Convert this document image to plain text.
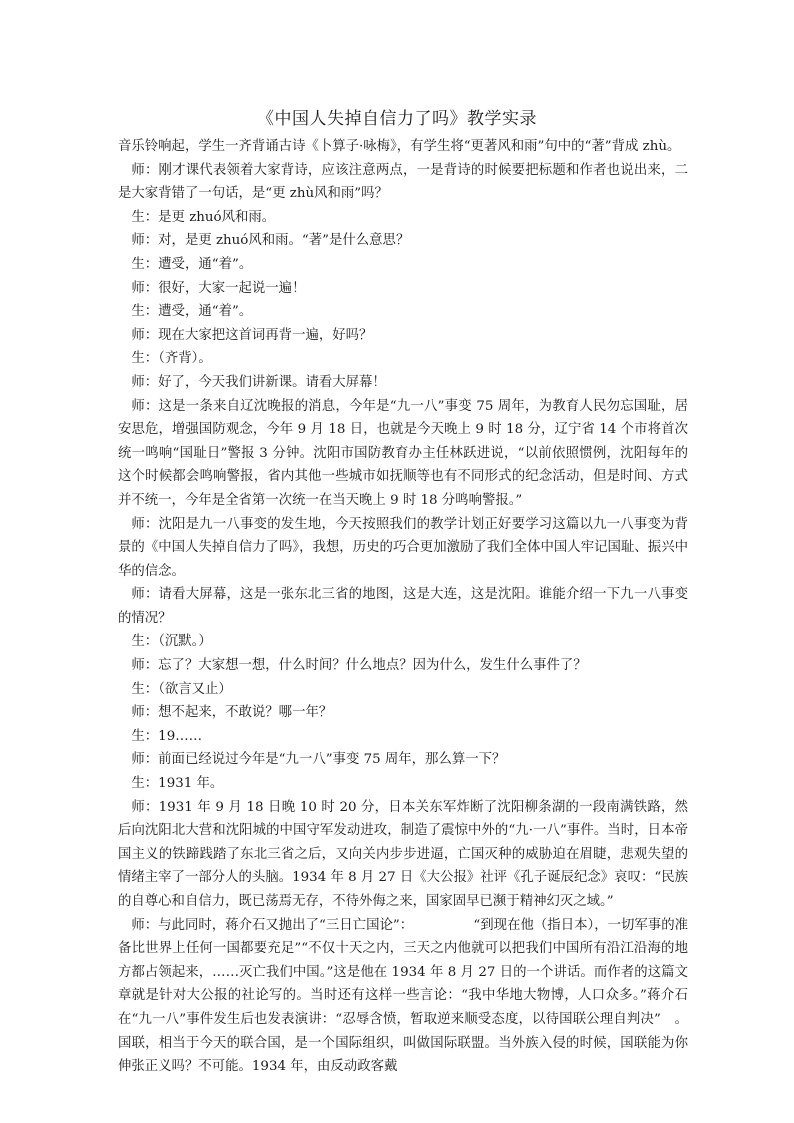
《中国人失掉自信力了吗》教学实录

音乐铃响起，学生一齐背诵古诗《卜算子·咏梅》，有学生将“更著风和雨”句中的“著”背成 zhù。

师：刚才课代表领着大家背诗，应该注意两点，一是背诗的时候要把标题和作者也说出来，二是大家背错了一句话，是“更 zhù风和雨”吗？

生：是更 zhuó风和雨。

师：对，是更 zhuó风和雨。“著”是什么意思？

生：遭受，通“着”。

师：很好，大家一起说一遍！

生：遭受，通“着”。

师：现在大家把这首词再背一遍，好吗？

生：（齐背）。

师：好了，今天我们讲新课。请看大屏幕！

师：这是一条来自辽沈晚报的消息，今年是“九一八”事变 75 周年，为教育人民勿忘国耻，居安思危，增强国防观念，今年 9 月 18 日，也就是今天晚上 9 时 18 分，辽宁省 14 个市将首次统一鸣响“国耻日”警报 3 分钟。沈阳市国防教育办主任林跃进说，“以前依照惯例，沈阳每年的这个时候都会鸣响警报，省内其他一些城市如抚顺等也有不同形式的纪念活动，但是时间、方式并不统一，今年是全省第一次统一在当天晚上 9 时 18 分鸣响警报。”

师：沈阳是九一八事变的发生地，今天按照我们的教学计划正好要学习这篇以九一八事变为背景的《中国人失掉自信力了吗》，我想，历史的巧合更加激励了我们全体中国人牢记国耻、振兴中华的信念。

师：请看大屏幕，这是一张东北三省的地图，这是大连，这是沈阳。谁能介绍一下九一八事变的情况？

生：（沉默。）

师：忘了？大家想一想，什么时间？什么地点？因为什么，发生什么事件了？

生：（欲言又止）

师：想不起来，不敢说？哪一年？

生：19……

师：前面已经说过今年是“九一八”事变 75 周年，那么算一下？

生：1931 年。

师：1931 年 9 月 18 日晚 10 时 20 分，日本关东军炸断了沈阳柳条湖的一段南满铁路，然后向沈阳北大营和沈阳城的中国守军发动进攻，制造了震惊中外的“九·一八”事件。当时，日本帝国主义的铁蹄践踏了东北三省之后，又向关内步步进逼，亡国灭种的威胁迫在眉睫，悲观失望的情绪主宰了一部分人的头脑。1934 年 8 月 27 日《大公报》社评《孔子诞辰纪念》哀叹：“民族的自尊心和自信力，既已荡焉无存，不待外侮之来，国家固早已濒于精神幻灭之域。”

师：与此同时，蒋介石又抛出了“三日亡国论”：　　　　　“到现在他（指日本），一切军事的准备比世界上任何一国都要充足”“不仅十天之内，三天之内他就可以把我们中国所有沿江沿海的地方都占领起来，……灭亡我们中国。”这是他在 1934 年 8 月 27 日的一个讲话。而作者的这篇文章就是针对大公报的社论写的。当时还有这样一些言论：“我中华地大物博，人口众多。”蒋介石在“九一八”事件发生后也发表演讲：“忍辱含愤，暂取逆来顺受态度，以待国联公理自判决”　。国联，相当于今天的联合国，是一个国际组织，叫做国际联盟。当外族入侵的时候，国联能为你伸张正义吗？不可能。1934 年，由反动政客戴
